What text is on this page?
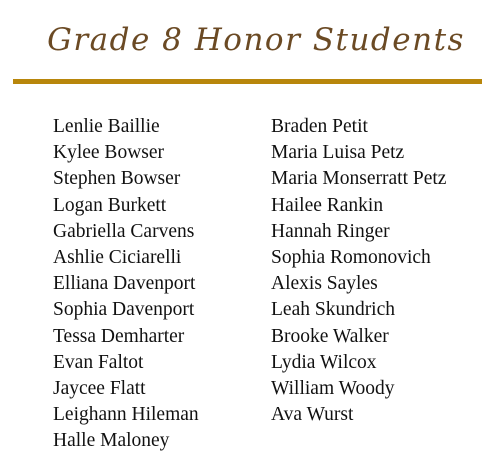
Grade 8 Honor Students
Lenlie Baillie
Kylee Bowser
Stephen Bowser
Logan Burkett
Gabriella Carvens
Ashlie Ciciarelli
Elliana Davenport
Sophia Davenport
Tessa Demharter
Evan Faltot
Jaycee Flatt
Leighann Hileman
Halle Maloney
Braden Petit
Maria Luisa Petz
Maria Monserratt Petz
Hailee Rankin
Hannah Ringer
Sophia Romonovich
Alexis Sayles
Leah Skundrich
Brooke Walker
Lydia Wilcox
William Woody
Ava Wurst
